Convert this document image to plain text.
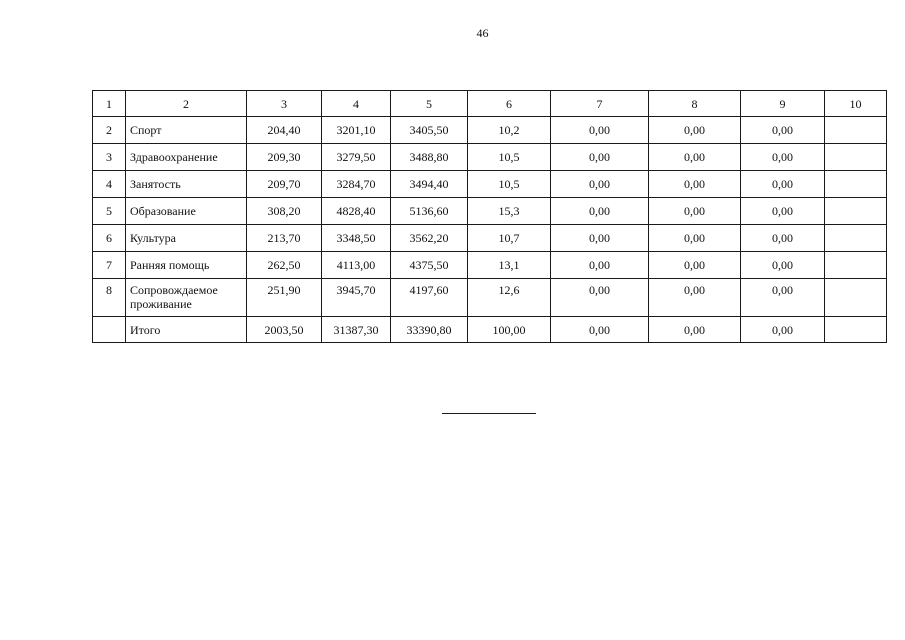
46
1	2	3	4	5	6	7	8	9	10
2	Спорт	204,40	3201,10	3405,50	10,2	0,00	0,00	0,00	
3	Здравоохранение	209,30	3279,50	3488,80	10,5	0,00	0,00	0,00	
4	Занятость	209,70	3284,70	3494,40	10,5	0,00	0,00	0,00	
5	Образование	308,20	4828,40	5136,60	15,3	0,00	0,00	0,00	
6	Культура	213,70	3348,50	3562,20	10,7	0,00	0,00	0,00	
7	Ранняя помощь	262,50	4113,00	4375,50	13,1	0,00	0,00	0,00	
8	Сопровождаемое проживание	251,90	3945,70	4197,60	12,6	0,00	0,00	0,00	
	Итого	2003,50	31387,30	33390,80	100,00	0,00	0,00	0,00	
